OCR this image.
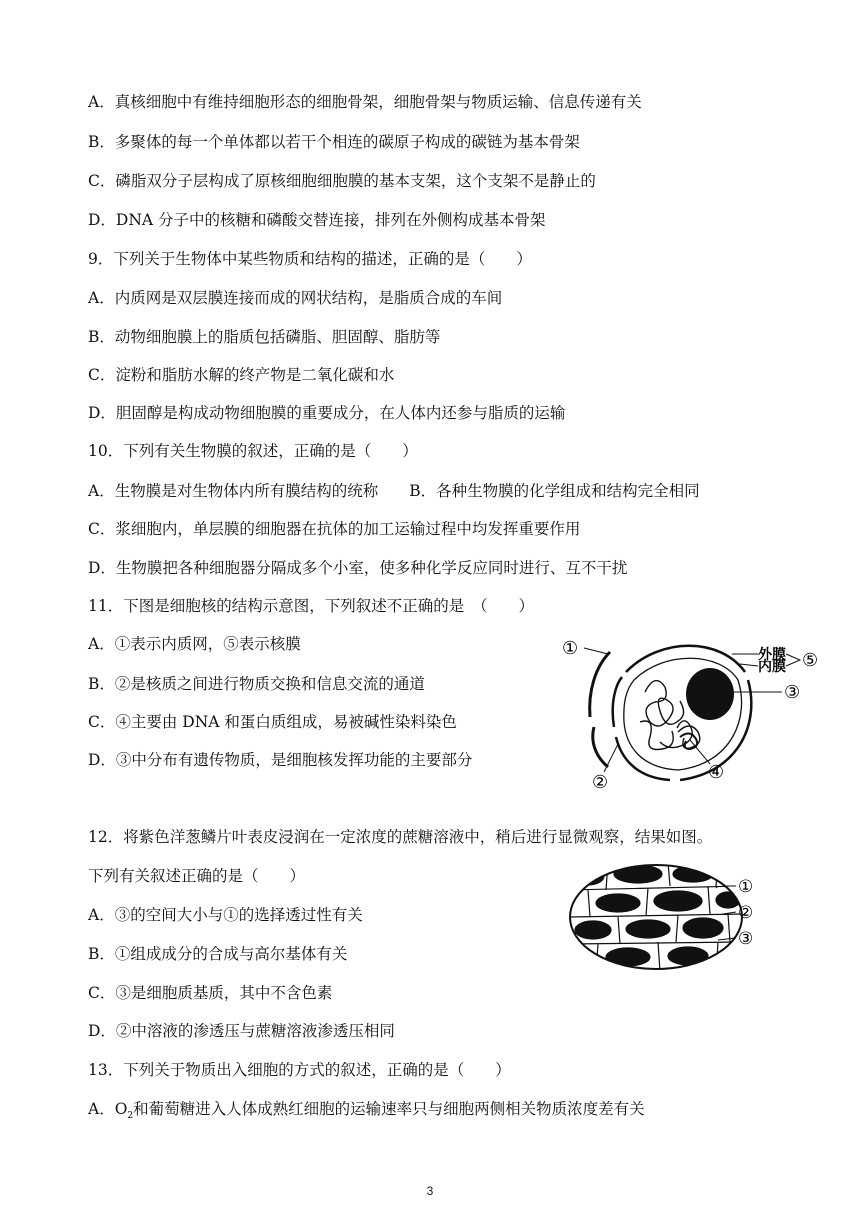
A．真核细胞中有维持细胞形态的细胞骨架，细胞骨架与物质运输、信息传递有关
B．多聚体的每一个单体都以若干个相连的碳原子构成的碳链为基本骨架
C．磷脂双分子层构成了原核细胞细胞膜的基本支架，这个支架不是静止的
D．DNA 分子中的核糖和磷酸交替连接，排列在外侧构成基本骨架
9．下列关于生物体中某些物质和结构的描述，正确的是（　　）
A．内质网是双层膜连接而成的网状结构，是脂质合成的车间
B．动物细胞膜上的脂质包括磷脂、胆固醇、脂肪等
C．淀粉和脂肪水解的终产物是二氧化碳和水
D．胆固醇是构成动物细胞膜的重要成分，在人体内还参与脂质的运输
10．下列有关生物膜的叙述，正确的是（　　）
A．生物膜是对生物体内所有膜结构的统称　　B．各种生物膜的化学组成和结构完全相同
C．浆细胞内，单层膜的细胞器在抗体的加工运输过程中均发挥重要作用
D．生物膜把各种细胞器分隔成多个小室，使多种化学反应同时进行、互不干扰
11．下图是细胞核的结构示意图，下列叙述不正确的是　（　　）
A．①表示内质网，⑤表示核膜
B．②是核质之间进行物质交换和信息交流的通道
C．④主要由 DNA 和蛋白质组成，易被碱性染料染色
D．③中分布有遗传物质，是细胞核发挥功能的主要部分
12．将紫色洋葱鳞片叶表皮浸润在一定浓度的蔗糖溶液中，稍后进行显微观察，结果如图。
下列有关叙述正确的是（　　）
A．③的空间大小与①的选择透过性有关
B．①组成成分的合成与高尔基体有关
C．③是细胞质基质，其中不含色素
D．②中溶液的渗透压与蔗糖溶液渗透压相同
13．下列关于物质出入细胞的方式的叙述，正确的是（　　）
A．$O_2$和葡萄糖进入人体成熟红细胞的运输速率只与细胞两侧相关物质浓度差有关
①	外膜
内膜 ⑤
③
②	④
①
②
③
3
